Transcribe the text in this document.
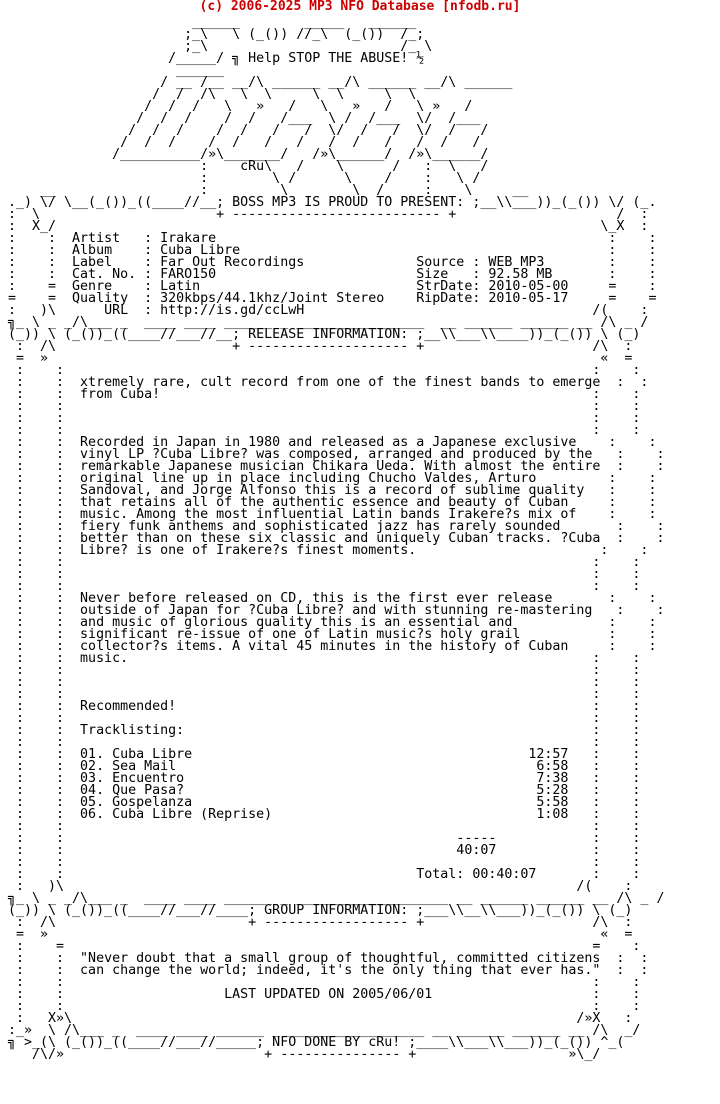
(c) 2006-2025 MP3 NFO Database [nfodb.ru]
______        _____   ______
;_\   \ (_()) //_\  (_())  /_;
;_\                        /_ \
/_____/ ╗ Help STOP THE ABUSE! ½
______
/ __ /__ __/\ ______ __/\ ______ __/\ ______
/  /  /\   \  \     \  \     \  \
/  /  /   \   »   /   \   »   /   \ »   /
/  /  /    /  /   /___  \ /  /___  \/  /___
/  /  /    /  /   /   /  \/  /   /  \/  /   /
/  /  /    /  /   /   /   /  /   /   /  /   /
/__________/»\_______/   /»\______/  /»\______/
:    cRu\   /    \      /   :  \   /
:        \ /      \    /    :   \ /
__                  :         \        \  /     :    \     __
._) \/ \__(_())_((____//__; BOSS MP3 IS PROUD TO PRESENT: ;__\\___))_(_()) \/ (_.
:  \                      + -------------------------- +                    /  :
:  X_/                                                                    \_X  :
:    :  Artist   : Irakare                                                 :    :
:    :  Album    : Cuba Libre                                              :    :
:    :  Label    : Far Out Recordings              Source : WEB MP3        :    :
:    :  Cat. No. : FARO150                         Size   : 92.58 MB       :    :
:    =  Genre    : Latin                           StrDate: 2010-05-00     =    :
=    =  Quality  : 320kbps/44.1khz/Joint Stereo    RipDate: 2010-05-17     =    =
:   )\      URL  : http://is.gd/ccLwH                                    /(    :
╗_ \ _ _/\___ _  ____ ____ ______ _ ________________  __ ______ ______ __ /\ _ /
(_)) \ (_())_((____//___//__; RELEASE INFORMATION: ;__\\___\\____))_(_()) \ (_)
:  /\                      + -------------------- +                     /\  :
=  »                                                                     «  =
:    :                                                                  :    :
:    :  xtremely rare, cult record from one of the finest bands to emerge  :  :
:    :  from Cuba!                                                      :    :
:    :                                                                  :    :
:    :                                                                  :    :
:    :                                                                  :    :
:    :  Recorded in Japan in 1980 and released as a Japanese exclusive    :    :
:    :  vinyl LP ?Cuba Libre? was composed, arranged and produced by the   :    :
:    :  remarkable Japanese musician Chikara Ueda. With almost the entire  :    :
:    :  original line up in place including Chucho Valdes, Arturo         :    :
:    :  Sandoval, and Jorge Alfonso this is a record of sublime quality   :    :
:    :  that retains all of the authentic essence and beauty of Cuban     :    :
:    :  music. Among the most influential Latin bands Irakere?s mix of    :    :
:    :  fiery funk anthems and sophisticated jazz has rarely sounded       :    :
:    :  better than on these six classic and uniquely Cuban tracks. ?Cuba  :    :
:    :  Libre? is one of Irakere?s finest moments.                       :    :
:    :                                                                  :    :
:    :                                                                  :    :
:    :                                                                  :    :
:    :  Never before released on CD, this is the first ever release       :    :
:    :  outside of Japan for ?Cuba Libre? and with stunning re-mastering   :    :
:    :  and music of glorious quality this is an essential and            :    :
:    :  significant re-issue of one of Latin music?s holy grail           :    :
:    :  collector?s items. A vital 45 minutes in the history of Cuban     :    :
:    :  music.                                                          :    :
:    :                                                                  :    :
:    :                                                                  :    :
:    :                                                                  :    :
:    :  Recommended!                                                    :    :
:    :                                                                  :    :
:    :  Tracklisting:                                                   :    :
:    :                                                                  :    :
:    :  01. Cuba Libre                                          12:57   :    :
:    :  02. Sea Mail                                             6:58   :    :
:    :  03. Encuentro                                            7:38   :    :
:    :  04. Que Pasa?                                            5:28   :    :
:    :  05. Gospelanza                                           5:58   :    :
:    :  06. Cuba Libre (Reprise)                                 1:08   :    :
:    :                                                                  :    :
:    :                                                 -----            :    :
:    :                                                 40:07            :    :
:    :                                                                  :    :
:    :                                            Total: 00:40:07       :    :
:   )\                                                                /(    :
╗_ \ _ _/\___ _  ____ ____ ______ _ ___________________ __ ______ ______ __ /\ _ /
(_)) \ (_())_((____//___//____; GROUP INFORMATION: ;___\\__\\___))_(_()) \ (_)
:  /\                        + ------------------ +                     /\  :
=  »                                                                     «  =
:    =                                                                  =    :
:    :  "Never doubt that a small group of thoughtful, committed citizens  :  :
:    :  can change the world; indeed, it's the only thing that ever has."  :  :
:    :                                                                  :    :
:    :                    LAST UPDATED ON 2005/06/01                    :    :
:    :                                                                  :    :
:   X»\                                                               /»X   :
:_»  \ /\___ _  ____ ____ ______ _ _________________ __ ______ ______ __ /\  _/
╗ >_(\ (_())_((____//___//_____; NFO DONE BY cRu! ;____\\___\\___))_(_()) ^_(
/\/»                         + --------------- +                   »\_/
